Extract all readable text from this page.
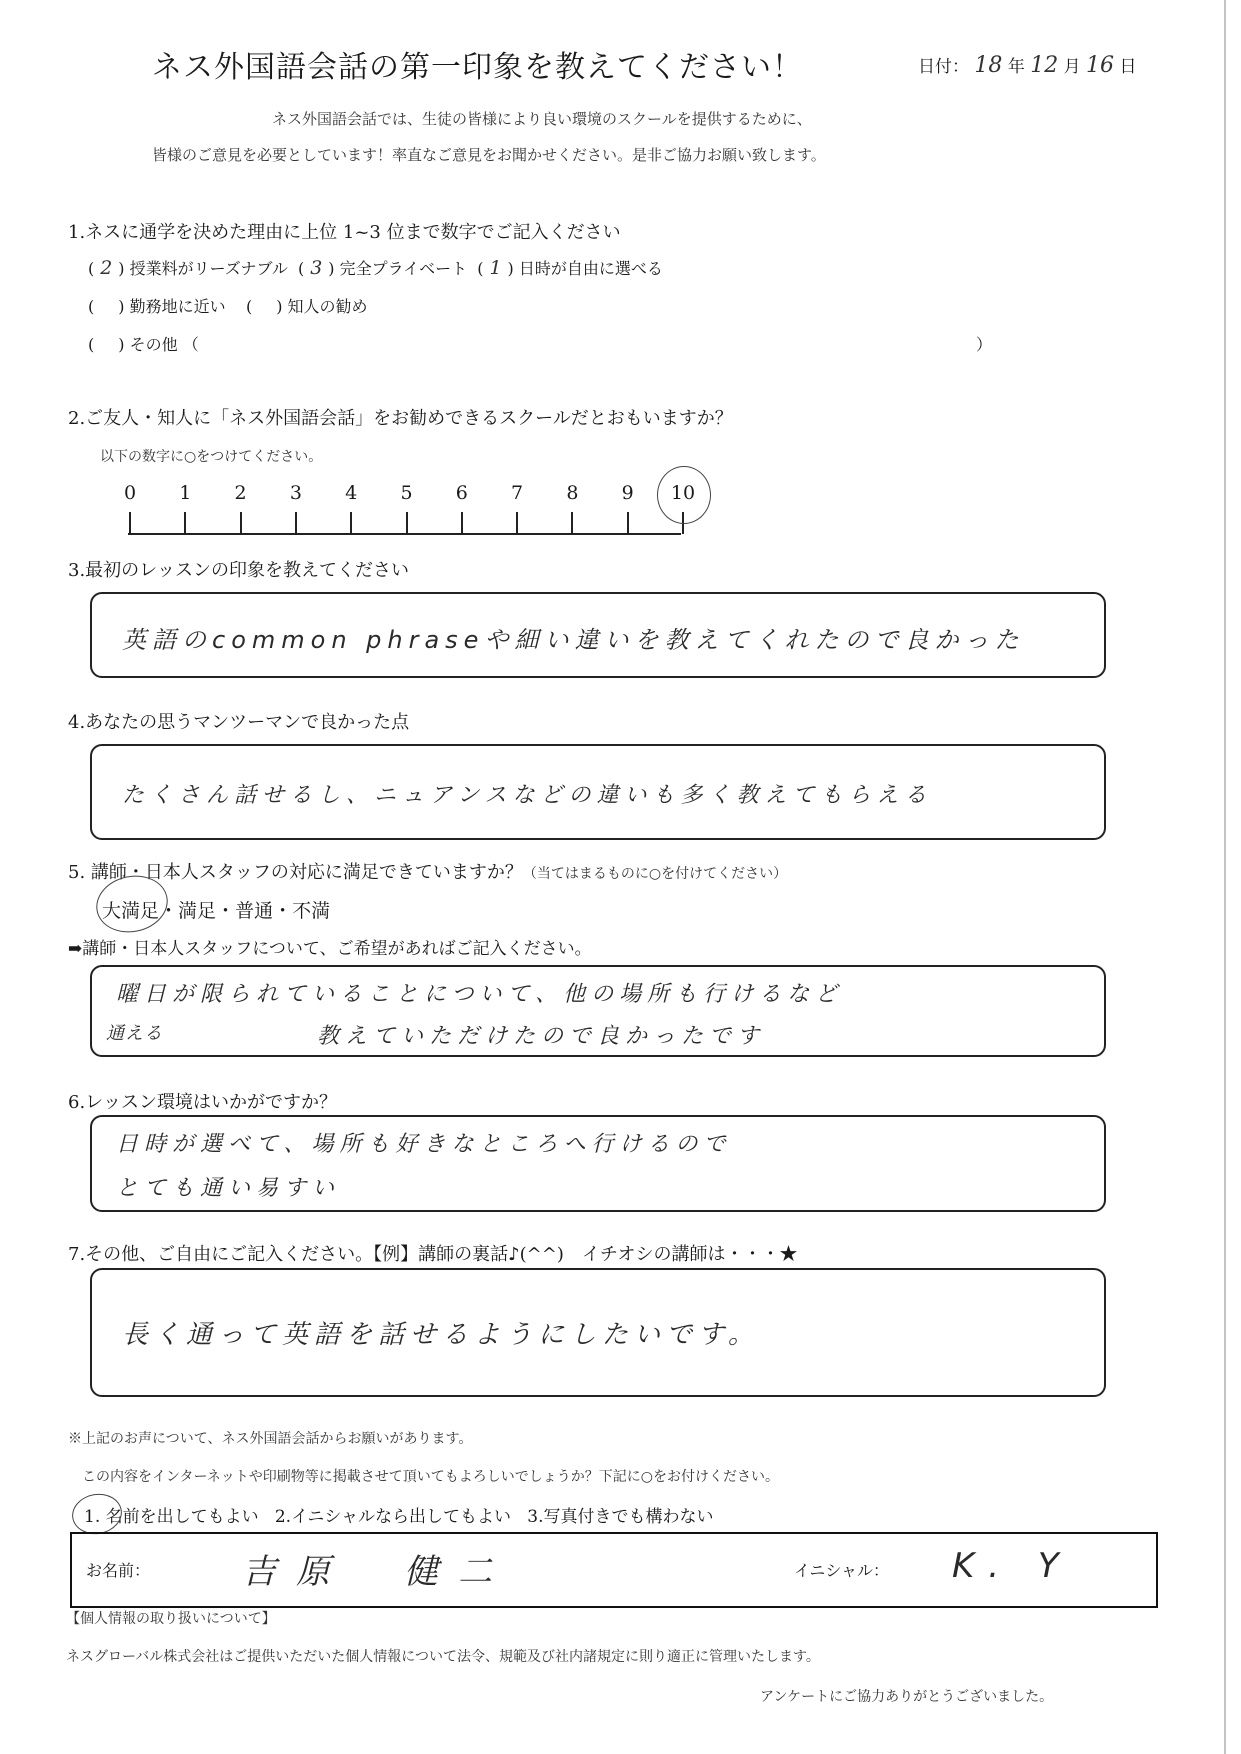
ネス外国語会話の第一印象を教えてください！	日付： 18 年 12 月 16 日
ネス外国語会話では、生徒の皆様により良い環境のスクールを提供するために、
皆様のご意見を必要としています！率直なご意見をお聞かせください。是非ご協力お願い致します。
1.ネスに通学を決めた理由に上位 1~3 位まで数字でご記入ください
( 2 ) 授業料がリーズナブル  ( 3 ) 完全プライベート  ( 1 ) 日時が自由に選べる
( ) 勤務地に近い    ( ) 知人の勧め
( ) その他 （	）
2.ご友人・知人に「ネス外国語会話」をお勧めできるスクールだとおもいますか？
以下の数字に○をつけてください。
0 1 2 3 4 5 6 7 8 9 10
3.最初のレッスンの印象を教えてください
英語のcommon phraseや細い違いを教えてくれたので良かった
4.あなたの思うマンツーマンで良かった点
たくさん話せるし、ニュアンスなどの違いも多く教えてもらえる
5. 講師・日本人スタッフの対応に満足できていますか？（当てはまるものに○を付けてください）
大満足・満足・普通・不満
➡講師・日本人スタッフについて、ご希望があればご記入ください。
曜日が限られていることについて、他の場所も行けるなど
通える	教えていただけたので良かったです
6.レッスン環境はいかがですか？
日時が選べて、場所も好きなところへ行けるので
とても通い易すい
7.その他、ご自由にご記入ください。【例】講師の裏話♪(^^)　イチオシの講師は・・・★
長く通って英語を話せるようにしたいです。
※上記のお声について、ネス外国語会話からお願いがあります。
この内容をインターネットや印刷物等に掲載させて頂いてもよろしいでしょうか？下記に○をお付けください。
1. 名前を出してもよい 2.イニシャルなら出してもよい 3.写真付きでも構わない
お名前：	吉原　健二	イニシャル： K. Y
【個人情報の取り扱いについて】
ネスグローバル株式会社はご提供いただいた個人情報について法令、規範及び社内諸規定に則り適正に管理いたします。
アンケートにご協力ありがとうございました。
